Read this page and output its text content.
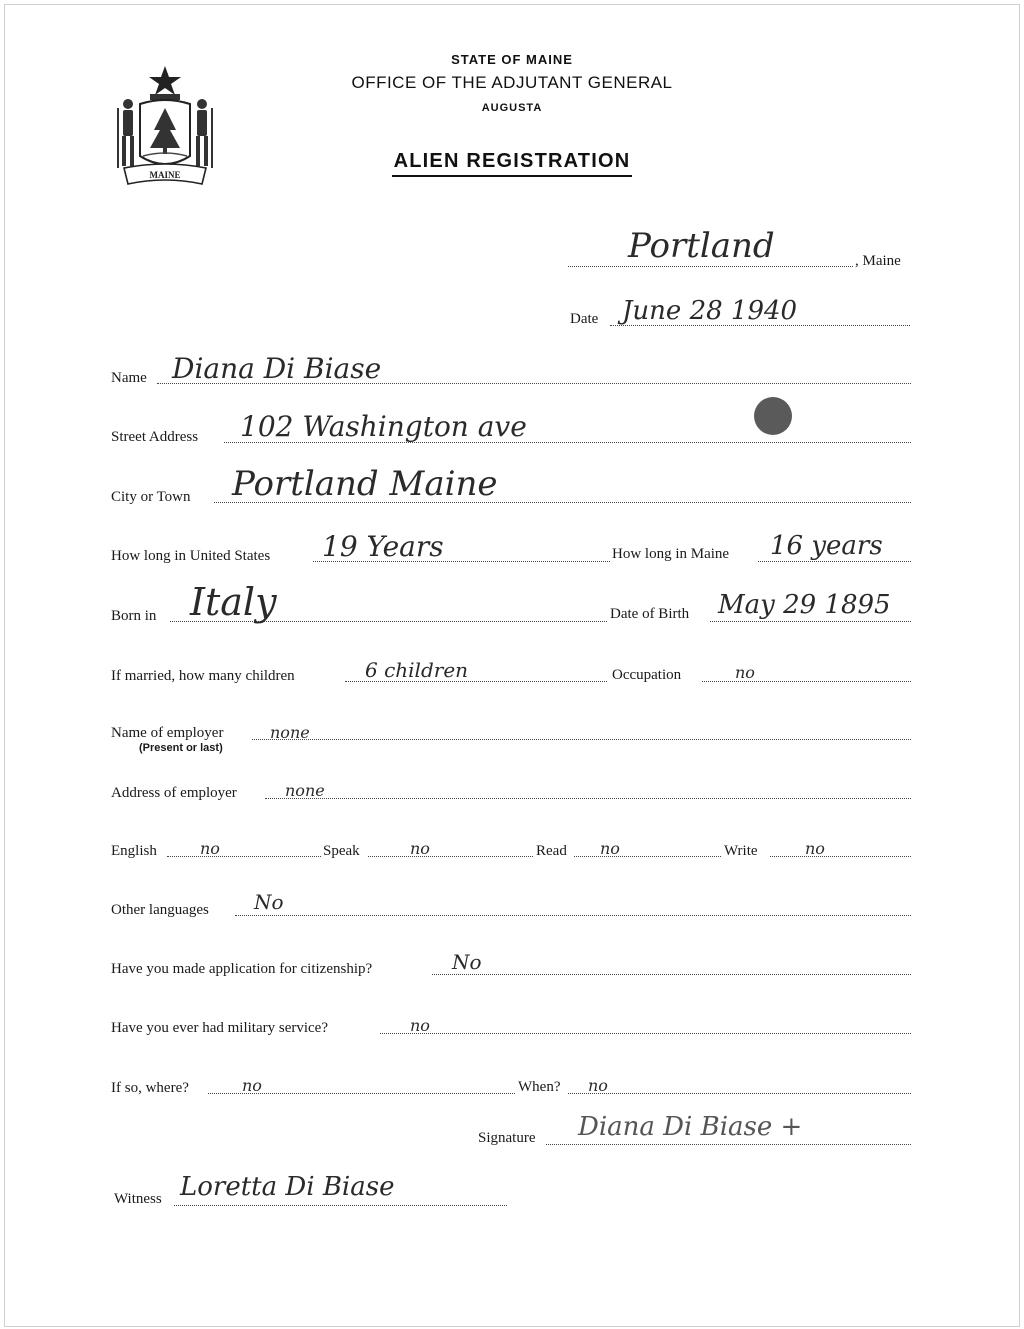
MAINE
STATE OF MAINE
OFFICE OF THE ADJUTANT GENERAL
AUGUSTA
ALIEN REGISTRATION
Portland	, Maine
Date June 28 1940
Name Diana Di Biase
Street Address 102 Washington ave
City or Town Portland Maine
How long in United States 19 Years	How long in Maine 16 years
Born in Italy	Date of Birth May 29 1895
If married, how many children	6 children	Occupation	no
Name of employer
(Present or last)
none
Address of employer	none
English	no	Speak	no	Read no	Write	no
Other languages No
Have you made application for citizenship?	No
Have you ever had military service?	no
If so, where?	no	When? no
Signature Diana Di Biase +
Witness Loretta Di Biase
